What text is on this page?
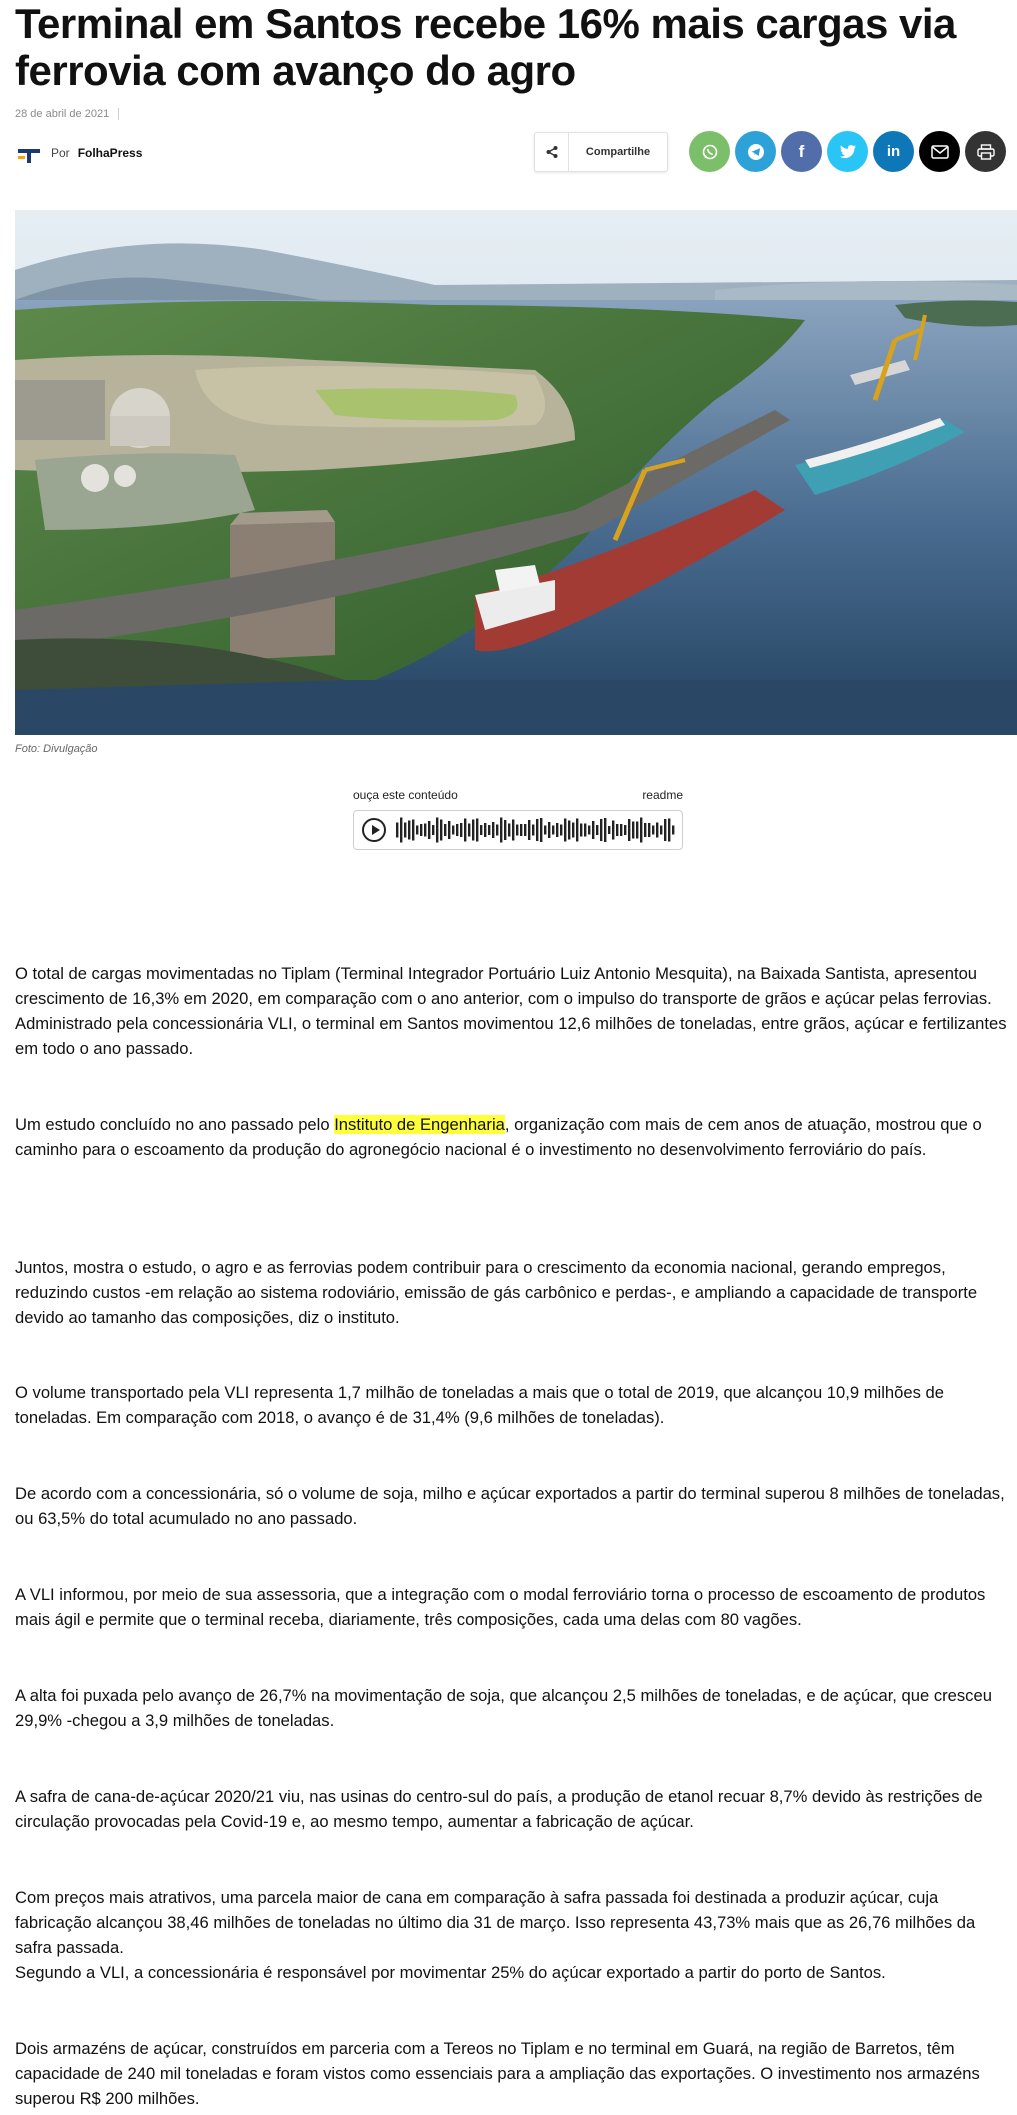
Terminal em Santos recebe 16% mais cargas via ferrovia com avanço do agro
28 de abril de 2021
Por FolhaPress	Compartilhe	f	in
Foto: Divulgação
ouça este conteúdo	readme

O total de cargas movimentadas no Tiplam (Terminal Integrador Portuário Luiz Antonio Mesquita), na Baixada Santista, apresentou crescimento de 16,3% em 2020, em comparação com o ano anterior, com o impulso do transporte de grãos e açúcar pelas ferrovias. Administrado pela concessionária VLI, o terminal em Santos movimentou 12,6 milhões de toneladas, entre grãos, açúcar e fertilizantes em todo o ano passado.

Um estudo concluído no ano passado pelo Instituto de Engenharia, organização com mais de cem anos de atuação, mostrou que o caminho para o escoamento da produção do agronegócio nacional é o investimento no desenvolvimento ferroviário do país.

Juntos, mostra o estudo, o agro e as ferrovias podem contribuir para o crescimento da economia nacional, gerando empregos, reduzindo custos -em relação ao sistema rodoviário, emissão de gás carbônico e perdas-, e ampliando a capacidade de transporte devido ao tamanho das composições, diz o instituto.

O volume transportado pela VLI representa 1,7 milhão de toneladas a mais que o total de 2019, que alcançou 10,9 milhões de toneladas. Em comparação com 2018, o avanço é de 31,4% (9,6 milhões de toneladas).

De acordo com a concessionária, só o volume de soja, milho e açúcar exportados a partir do terminal superou 8 milhões de toneladas, ou 63,5% do total acumulado no ano passado.

A VLI informou, por meio de sua assessoria, que a integração com o modal ferroviário torna o processo de escoamento de produtos mais ágil e permite que o terminal receba, diariamente, três composições, cada uma delas com 80 vagões.

A alta foi puxada pelo avanço de 26,7% na movimentação de soja, que alcançou 2,5 milhões de toneladas, e de açúcar, que cresceu 29,9% -chegou a 3,9 milhões de toneladas.

A safra de cana-de-açúcar 2020/21 viu, nas usinas do centro-sul do país, a produção de etanol recuar 8,7% devido às restrições de circulação provocadas pela Covid-19 e, ao mesmo tempo, aumentar a fabricação de açúcar.

Com preços mais atrativos, uma parcela maior de cana em comparação à safra passada foi destinada a produzir açúcar, cuja fabricação alcançou 38,46 milhões de toneladas no último dia 31 de março. Isso representa 43,73% mais que as 26,76 milhões da safra passada.
Segundo a VLI, a concessionária é responsável por movimentar 25% do açúcar exportado a partir do porto de Santos.

Dois armazéns de açúcar, construídos em parceria com a Tereos no Tiplam e no terminal em Guará, na região de Barretos, têm capacidade de 240 mil toneladas e foram vistos como essenciais para a ampliação das exportações. O investimento nos armazéns superou R$ 200 milhões.
